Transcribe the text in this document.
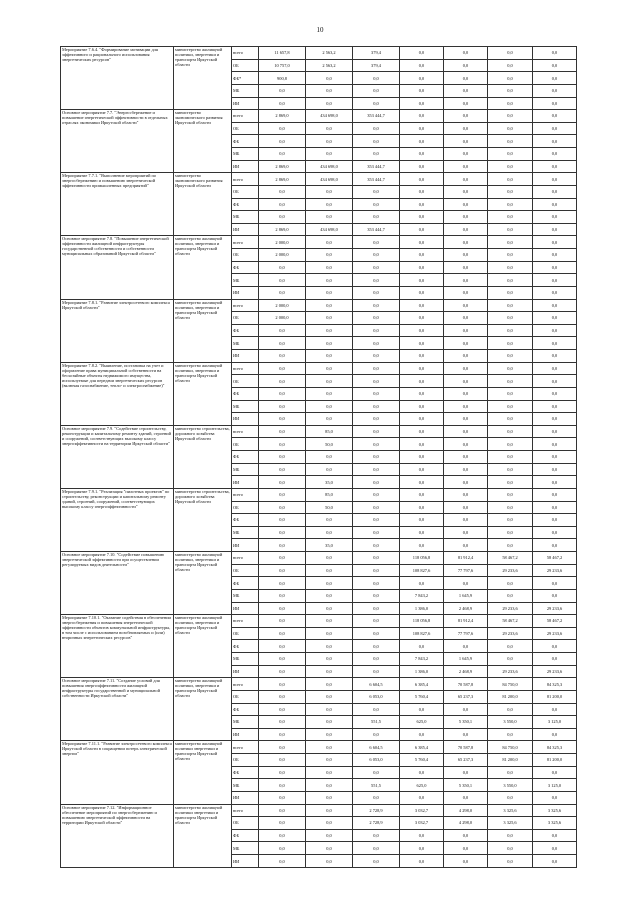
10
Мероприятие 7.6.4. "Формирование мотивации для эффективного и рационального использования энергетических ресурсов"	министерство жилищной политики, энергетики и транспорта Иркутской области	всего	11 657,8	2 563,2	379,4	0,0	0,0	0,0	0,0
		ОБ	10 757,0	2 563,2	379,4	0,0	0,0	0,0	0,0
		ФБ*	900,8	0,0	0,0	0,0	0,0	0,0	0,0
		МБ	0,0	0,0	0,0	0,0	0,0	0,0	0,0
		ИИ	0,0	0,0	0,0	0,0	0,0	0,0	0,0
Основное мероприятие 7.7. "Энергосбережение и повышение энергетической эффективности в отдельных отраслях экономики Иркутской области"	министерство экономического развития Иркутской области	всего	2 869,0	434 698,0	353 444,7	0,0	0,0	0,0	0,0
		ОБ	0,0	0,0	0,0	0,0	0,0	0,0	0,0
		ФБ	0,0	0,0	0,0	0,0	0,0	0,0	0,0
		МБ	0,0	0,0	0,0	0,0	0,0	0,0	0,0
		ИИ	2 869,0	434 698,0	353 444,7	0,0	0,0	0,0	0,0
Мероприятие 7.7.1. "Выполнение мероприятий по энергосбережению и повышению энергетической эффективности промышленных предприятий"	министерство экономического развития Иркутской области	всего	2 869,0	434 698,0	353 444,7	0,0	0,0	0,0	0,0
		ОБ	0,0	0,0	0,0	0,0	0,0	0,0	0,0
		ФБ	0,0	0,0	0,0	0,0	0,0	0,0	0,0
		МБ	0,0	0,0	0,0	0,0	0,0	0,0	0,0
		ИИ	2 869,0	434 698,0	353 444,7	0,0	0,0	0,0	0,0
Основное мероприятие 7.8. "Повышение энергетической эффективности жилищной инфраструктуры государственной собственности и собственности муниципальных образований Иркутской области"	министерство жилищной политики, энергетики и транспорта Иркутской области	всего	2 000,0	0,0	0,0	0,0	0,0	0,0	0,0
		ОБ	2 000,0	0,0	0,0	0,0	0,0	0,0	0,0
		ФБ	0,0	0,0	0,0	0,0	0,0	0,0	0,0
		МБ	0,0	0,0	0,0	0,0	0,0	0,0	0,0
		ИИ	0,0	0,0	0,0	0,0	0,0	0,0	0,0
Мероприятие 7.8.1. "Развитие электросетевого комплекса Иркутской области"	министерство жилищной политики, энергетики и транспорта Иркутской области	всего	2 000,0	0,0	0,0	0,0	0,0	0,0	0,0
		ОБ	2 000,0	0,0	0,0	0,0	0,0	0,0	0,0
		ФБ	0,0	0,0	0,0	0,0	0,0	0,0	0,0
		МБ	0,0	0,0	0,0	0,0	0,0	0,0	0,0
		ИИ	0,0	0,0	0,0	0,0	0,0	0,0	0,0
Мероприятие 7.8.2. "Выявление, постановка на учет и оформление права муниципальной собственности на бесхозяйные объекты недвижимого имущества, используемые для передачи энергетических ресурсов (включая газоснабжение, тепло- и электроснабжение)"	министерство жилищной политики, энергетики и транспорта Иркутской области	всего	0,0	0,0	0,0	0,0	0,0	0,0	0,0
		ОБ	0,0	0,0	0,0	0,0	0,0	0,0	0,0
		ФБ	0,0	0,0	0,0	0,0	0,0	0,0	0,0
		МБ	0,0	0,0	0,0	0,0	0,0	0,0	0,0
		ИИ	0,0	0,0	0,0	0,0	0,0	0,0	0,0
Основное мероприятие 7.9. "Содействие строительству, реконструкции и капитальному ремонту зданий, строений и сооружений, соответствующих высокому классу энергоэффективности на территории Иркутской области"	министерство строительства, дорожного хозяйства Иркутской области	всего	0,0	85,0	0,0	0,0	0,0	0,0	0,0
		ОБ	0,0	50,0	0,0	0,0	0,0	0,0	0,0
		ФБ	0,0	0,0	0,0	0,0	0,0	0,0	0,0
		МБ	0,0	0,0	0,0	0,0	0,0	0,0	0,0
		ИИ	0,0	35,0	0,0	0,0	0,0	0,0	0,0
Мероприятие 7.9.1. "Реализация "пилотных проектов" по строительству, реконструкции и капитальному ремонту зданий, строений, сооружений, соответствующих высокому классу энергоэффективности"	министерство строительства, дорожного хозяйства Иркутской области	всего	0,0	85,0	0,0	0,0	0,0	0,0	0,0
		ОБ	0,0	50,0	0,0	0,0	0,0	0,0	0,0
		ФБ	0,0	0,0	0,0	0,0	0,0	0,0	0,0
		МБ	0,0	0,0	0,0	0,0	0,0	0,0	0,0
		ИИ	0,0	35,0	0,0	0,0	0,0	0,0	0,0
Основное мероприятие 7.10. "Содействие повышению энергетической эффективности при осуществлении регулируемых видов деятельности"	министерство жилищной политики, энергетики и транспорта Иркутской области	всего	0,0	0,0	0,0	118 056,8	81 912,4	58 467,2	58 467,2
		ОБ	0,0	0,0	0,0	108 827,6	77 797,6	29 233,6	29 233,6
		ФБ	0,0	0,0	0,0	0,0	0,0	0,0	0,0
		МБ	0,0	0,0	0,0	7 843,2	1 645,9	0,0	0,0
		ИИ	0,0	0,0	0,0	1 386,0	2 468,9	29 233,6	29 233,6
Мероприятие 7.10.1. "Оказание содействия в обеспечении энергосбережения и повышения энергетической эффективности объектов коммунальной инфраструктуры, в том числе с использованием возобновляемых и (или) вторичных энергетических ресурсов"	министерство жилищной политики, энергетики и транспорта Иркутской области	всего	0,0	0,0	0,0	118 056,8	81 912,4	58 467,2	58 467,2
		ОБ	0,0	0,0	0,0	108 827,6	77 797,6	29 233,6	29 233,6
		ФБ	0,0	0,0	0,0	0,0	0,0	0,0	0,0
		МБ	0,0	0,0	0,0	7 843,2	1 645,9	0,0	0,0
		ИИ	0,0	0,0	0,0	1 386,0	2 468,9	29 233,6	29 233,6
Основное мероприятие 7.11. "Создание условий для повышения энергоэффективности жилищной инфраструктуры государственной и муниципальной собственности Иркутской области"	министерство жилищной политики, энергетики и транспорта Иркутской области	всего	0,0	0,0	6 604,5	6 385,4	70 587,8	84 750,0	84 325,3
		ОБ	0,0	0,0	6 053,0	5 760,4	65 237,3	81 200,0	81 200,0
		ФБ	0,0	0,0	0,0	0,0	0,0	0,0	0,0
		МБ	0,0	0,0	551,5	625,0	5 350,1	3 550,0	3 125,0
		ИИ	0,0	0,0	0,0	0,0	0,0	0,0	0,0
Мероприятие 7.11.1. "Развитие электросетевого комплекса Иркутской области в сокращении потерь электрической энергии"	министерство жилищной политики энергетики и транспорта Иркутской области	всего	0,0	0,0	6 604,5	6 385,4	70 587,8	84 750,0	84 325,3
		ОБ	0,0	0,0	6 053,0	5 760,4	65 237,3	81 200,0	81 200,0
		ФБ	0,0	0,0	0,0	0,0	0,0	0,0	0,0
		МБ	0,0	0,0	551,5	625,0	5 350,1	3 550,0	3 125,0
		ИИ	0,0	0,0	0,0	0,0	0,0	0,0	0,0
Основное мероприятие 7.12. "Информационное обеспечение мероприятий по энергосбережению и повышению энергетической эффективности на территории Иркутской области"	министерство жилищной политики энергетики и транспорта Иркутской области	всего	0,0	0,0	2 728,9	3 032,7	4 298,0	3 325,6	3 325,6
		ОБ	0,0	0,0	2 728,9	3 032,7	4 298,0	3 325,6	3 325,6
		ФБ	0,0	0,0	0,0	0,0	0,0	0,0	0,0
		МБ	0,0	0,0	0,0	0,0	0,0	0,0	0,0
		ИИ	0,0	0,0	0,0	0,0	0,0	0,0	0,0
